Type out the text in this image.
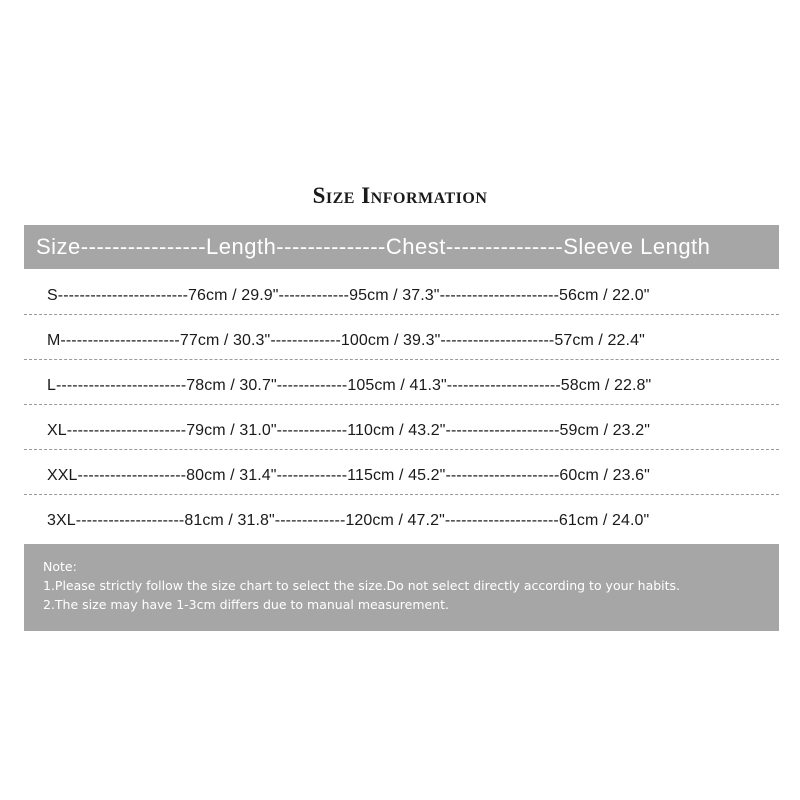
Size Information
Size----------------Length--------------Chest---------------Sleeve Length
S------------------------76cm / 29.9"-------------95cm / 37.3"----------------------56cm / 22.0"
M----------------------77cm / 30.3"-------------100cm / 39.3"---------------------57cm / 22.4"
L------------------------78cm / 30.7"-------------105cm / 41.3"---------------------58cm / 22.8"
XL----------------------79cm / 31.0"-------------110cm / 43.2"---------------------59cm / 23.2"
XXL--------------------80cm / 31.4"-------------115cm / 45.2"---------------------60cm / 23.6"
3XL--------------------81cm / 31.8"-------------120cm / 47.2"---------------------61cm / 24.0"
Note:
1.Please strictly follow the size chart to select the size.Do not select directly according to your habits.
2.The size may have 1-3cm differs due to manual measurement.
